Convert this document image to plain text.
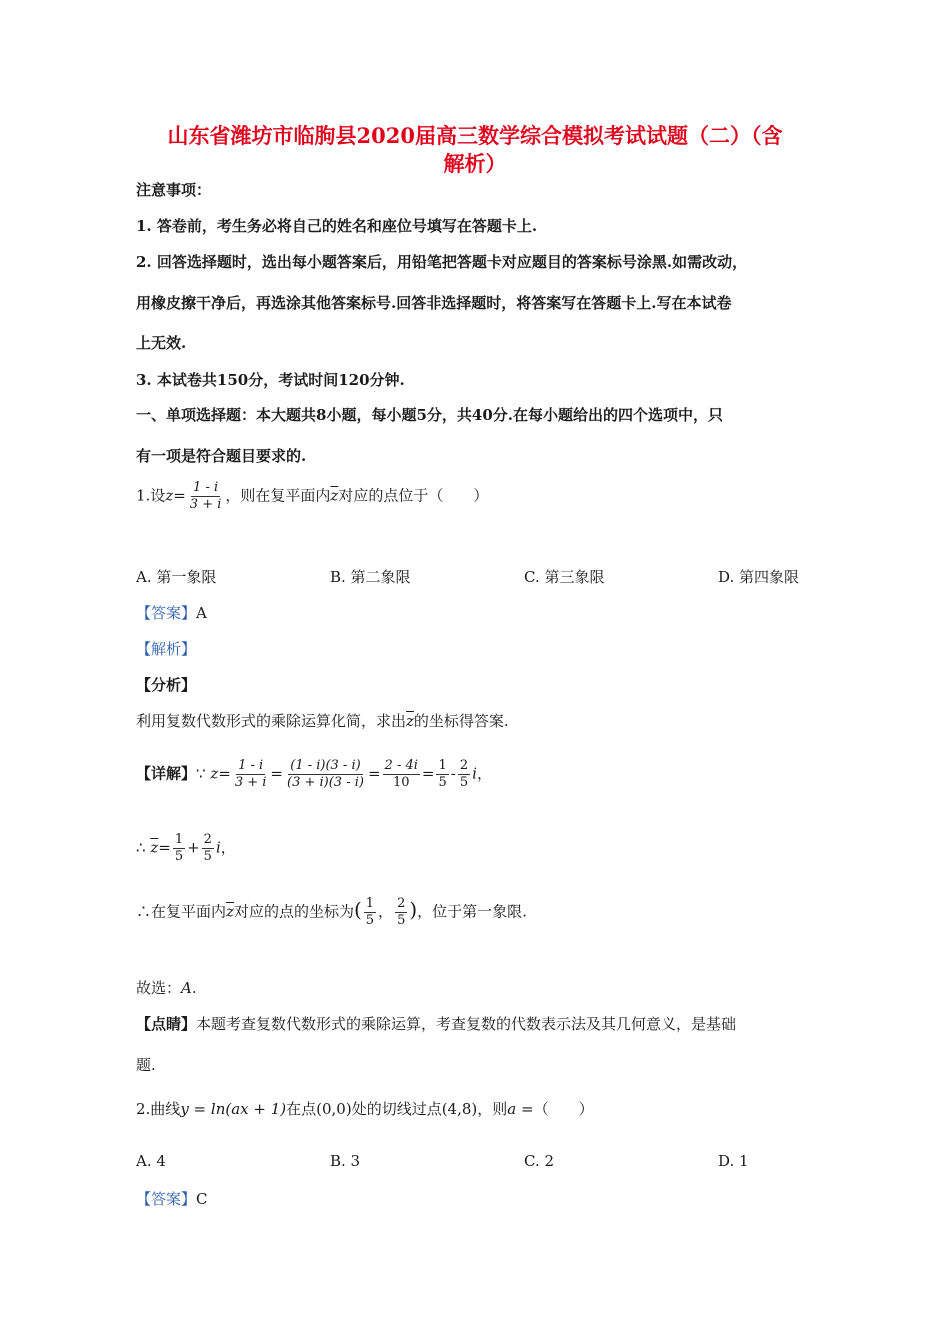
山东省潍坊市临朐县2020届高三数学综合模拟考试试题（二）（含
解析）
注意事项：
1. 答卷前，考生务必将自己的姓名和座位号填写在答题卡上.
2. 回答选择题时，选出每小题答案后，用铅笔把答题卡对应题目的答案标号涂黑.如需改动，
用橡皮擦干净后，再选涂其他答案标号.回答非选择题时，将答案写在答题卡上.写在本试卷
上无效.
3. 本试卷共150分，考试时间120分钟.
一、单项选择题：本大题共8小题，每小题5分，共40分.在每小题给出的四个选项中，只
有一项是符合题目要求的.
1.设$z= \frac{1 - i}{3 + i}$ ，则在复平面内$\overline{z}$对应的点位于（　　）
A. 第一象限	B. 第二象限	C. 第三象限	D. 第四象限
【答案】A
【解析】
【分析】
利用复数代数形式的乘除运算化简，求出$\overline{z}$的坐标得答案.
【详解】∵ $z= \frac{1 - i}{3 + i} = \frac{(1 - i)(3 - i)}{(3 + i)(3 - i)} = \frac{2 - 4i}{10} = \frac{1}{5} - \frac{2}{5}$ i，
∴ $\overline{z}= \frac{1}{5} + \frac{2}{5}$ i，
∴在复平面内$\overline{z}$对应的点的坐标为( $\frac{1}{5}$ ， $\frac{2}{5}$ )，位于第一象限.
故选：A.
【点睛】本题考查复数代数形式的乘除运算，考查复数的代数表示法及其几何意义，是基础
题.
2.曲线y = ln(ax + 1)在点(0,0)处的切线过点(4,8)，则a =（　　）
A. 4	B. 3	C. 2	D. 1
【答案】C
